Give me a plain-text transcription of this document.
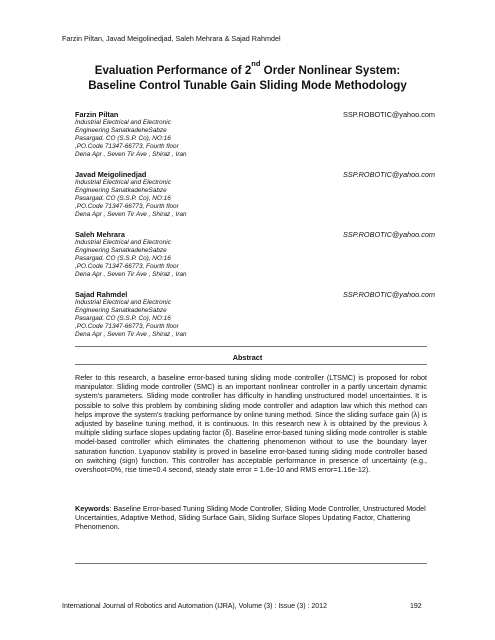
Farzin Piltan, Javad Meigolinedjad, Saleh Mehrara & Sajad Rahmdel
Evaluation Performance of 2nd Order Nonlinear System:
Baseline Control Tunable Gain Sliding Mode Methodology
Farzin Piltan	SSP.ROBOTIC@yahoo.com
Industrial Electrical and Electronic
Engineering SanatkadeheSabze
Pasargad. CO (S.S.P. Co), NO:16
,PO.Code 71347-66773, Fourth floor
Dena Apr , Seven Tir Ave , Shiraz , Iran
Javad Meigolinedjad	SSP.ROBOTIC@yahoo.com
Industrial Electrical and Electronic
Engineering SanatkadeheSabze
Pasargad. CO (S.S.P. Co), NO:16
,PO.Code 71347-66773, Fourth floor
Dena Apr , Seven Tir Ave , Shiraz , Iran
Saleh Mehrara	SSP.ROBOTIC@yahoo.com
Industrial Electrical and Electronic
Engineering SanatkadeheSabze
Pasargad. CO (S.S.P. Co), NO:16
,PO.Code 71347-66773, Fourth floor
Dena Apr , Seven Tir Ave , Shiraz , Iran
Sajad Rahmdel	SSP.ROBOTIC@yahoo.com
Industrial Electrical and Electronic
Engineering SanatkadeheSabze
Pasargad. CO (S.S.P. Co), NO:16
,PO.Code 71347-66773, Fourth floor
Dena Apr , Seven Tir Ave , Shiraz , Iran
Abstract
Refer to this research, a baseline error-based tuning sliding mode controller (LTSMC) is proposed for robot manipulator. Sliding mode controller (SMC) is an important nonlinear controller in a partly uncertain dynamic system's parameters. Sliding mode controller has difficulty in handling unstructured model uncertainties. It is possible to solve this problem by combining sliding mode controller and adaption law which this method can helps improve the system's tracking performance by online tuning method. Since the sliding surface gain (λ) is adjusted by baseline tuning method, it is continuous. In this research new λ is obtained by the previous λ multiple sliding surface slopes updating factor (δ). Baseline error-based tuning sliding mode controller is stable model-based controller which eliminates the chattering phenomenon without to use the boundary layer saturation function. Lyapunov stability is proved in baseline error-based tuning sliding mode controller based on switching (sign) function. This controller has acceptable performance in presence of uncertainty (e.g., overshoot=0%, rise time=0.4 second, steady state error = 1.6e-10 and RMS error=1.16e-12).
Keywords: Baseline Error-based Tuning Sliding Mode Controller, Sliding Mode Controller, Unstructured Model Uncertainties, Adaptive Method, Sliding Surface Gain, Sliding Surface Slopes Updating Factor, Chattering Phenomenon.
International Journal of Robotics and Automation (IJRA), Volume (3) : Issue (3) : 2012	192
